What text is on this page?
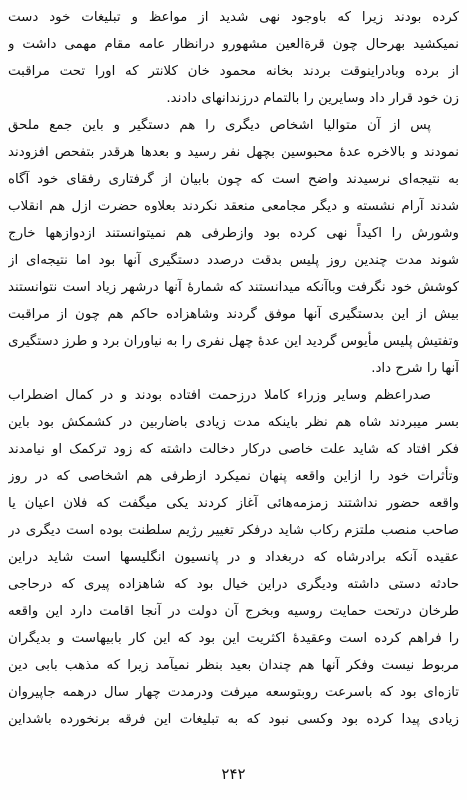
کرده بودند زیرا که باوجود نهی شدید از مواعظ و تبلیغات خود دست
نمیکشید بهرحال چون قرة‌العین مشهورو درانظار عامه مقام مهمی داشت و
از برده وبادراینوقت بردند بخانه محمود خان کلانتر که اورا تحت مراقبت
زن خود قرار داد وسایرین را بالتمام درزندانهای دادند.
پس از آن متوالیا اشخاص دیگری را هم دستگیر و باین جمع ملحق
نمودند و بالاخره عدهٔ محبوسین بچهل نفر رسید و بعدها هرقدر بتفحص افزودند
به نتیجه‌ای نرسیدند واضح است که چون بابیان از گرفتاری رفقای خود آگاه
شدند آرام نشسته و دیگر مجامعی منعقد نکردند بعلاوه حضرت ازل هم انقلاب
وشورش را اکیداً نهی کرده بود وازطرفی هم نمیتوانستند ازدوازهها خارج
شوند مدت چندین روز پلیس بدقت درصدد دستگیری آنها بود اما نتیجه‌ای از
کوشش خود نگرفت وباآنکه میدانستند که شمارهٔ آنها درشهر زیاد است نتوانستند
بیش از این بدستگیری آنها موفق گردند وشاهزاده حاکم هم چون از مراقبت
وتفتیش پلیس مأیوس گردید این عدهٔ چهل نفری را به نیاوران برد و طرز دستگیری
آنها را شرح داد.
صدراعظم وسایر وزراء کاملا درزحمت افتاده بودند و در کمال اضطراب
بسر میبردند شاه هم نظر باینکه مدت زیادی باضاربین در کشمکش بود باین
فکر افتاد که شاید علت خاصی درکار دخالت داشته که زود ترکمک او نیامدند
وتأثرات خود را ازاین واقعه پنهان نمیکرد ازطرفی هم اشخاصی که در روز
واقعه حضور نداشتند زمزمه‌هائی آغاز کردند یکی میگفت که فلان اعیان یا
صاحب منصب ملتزم رکاب شاید درفکر تغییر رژیم سلطنت بوده است دیگری در
عقیده آنکه برادرشاه که دربغداد و در پانسیون انگلیسها است شاید دراین
حادثه دستی داشته ودیگری دراین خیال بود که شاهزاده پیری که درحاجی
طرخان درتحت حمایت روسیه وبخرج آن دولت در آنجا اقامت دارد این واقعه
را فراهم کرده است وعقیدهٔ اکثریت این بود که این کار بابیهاست و بدیگران
مربوط نیست وفکر آنها هم چندان بعید بنظر نمیآمد زیرا که مذهب بابی دین
تازه‌ای بود که باسرعت روبتوسعه میرفت ودرمدت چهار سال درهمه جاپیروان
زیادی پیدا کرده بود وکسی نبود که به تبلیغات این فرقه برنخورده باشداین
۲۴۲
